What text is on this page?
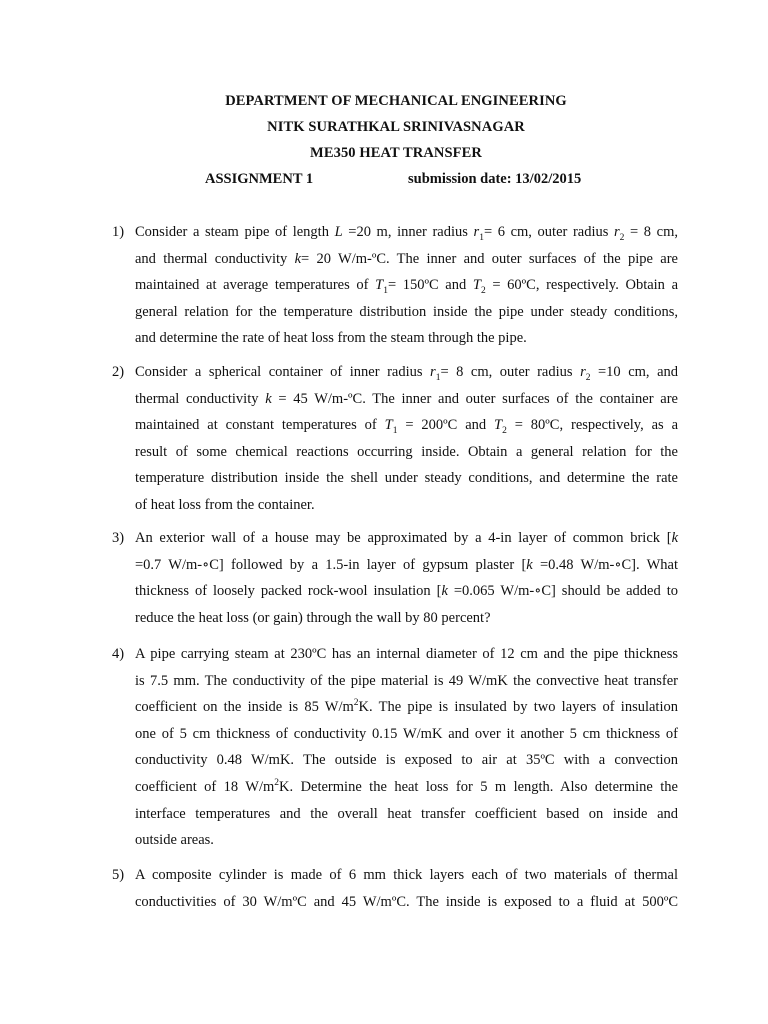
DEPARTMENT OF MECHANICAL ENGINEERING
NITK SURATHKAL SRINIVASNAGAR
ME350 HEAT TRANSFER
ASSIGNMENT 1	submission date: 13/02/2015
1) Consider a steam pipe of length L =20 m, inner radius $r_1= 6$ cm, outer radius $r_2 = 8$ cm,
and thermal conductivity k= 20 W/m-ºC. The inner and outer surfaces of the pipe are
maintained at average temperatures of $T_1=$ 150ºC and $T_2$ = 60ºC, respectively. Obtain a
general relation for the temperature distribution inside the pipe under steady conditions,
and determine the rate of heat loss from the steam through the pipe.
2) Consider a spherical container of inner radius $r_1= 8$ cm, outer radius $r_2 =10$ cm, and
thermal conductivity k = 45 W/m-ºC. The inner and outer surfaces of the container are
maintained at constant temperatures of $T_1$ = 200ºC and $T_2$ = 80ºC, respectively, as a
result of some chemical reactions occurring inside. Obtain a general relation for the
temperature distribution inside the shell under steady conditions, and determine the rate
of heat loss from the container.
3) An exterior wall of a house may be approximated by a 4-in layer of common brick [k
=0.7 W/m-∘C] followed by a 1.5-in layer of gypsum plaster [k =0.48 W/m-∘C]. What
thickness of loosely packed rock-wool insulation [k =0.065 W/m-∘C] should be added to
reduce the heat loss (or gain) through the wall by 80 percent?
4) A pipe carrying steam at 230ºC has an internal diameter of 12 cm and the pipe thickness
is 7.5 mm. The conductivity of the pipe material is 49 W/mK the convective heat transfer
coefficient on the inside is 85 $W/m^2K$. The pipe is insulated by two layers of insulation
one of 5 cm thickness of conductivity 0.15 W/mK and over it another 5 cm thickness of
conductivity 0.48 W/mK. The outside is exposed to air at 35ºC with a convection
coefficient of 18 $W/m^2K$. Determine the heat loss for 5 m length. Also determine the
interface temperatures and the overall heat transfer coefficient based on inside and
outside areas.
5) A composite cylinder is made of 6 mm thick layers each of two materials of thermal
conductivities of 30 W/mºC and 45 W/mºC. The inside is exposed to a fluid at 500ºC
